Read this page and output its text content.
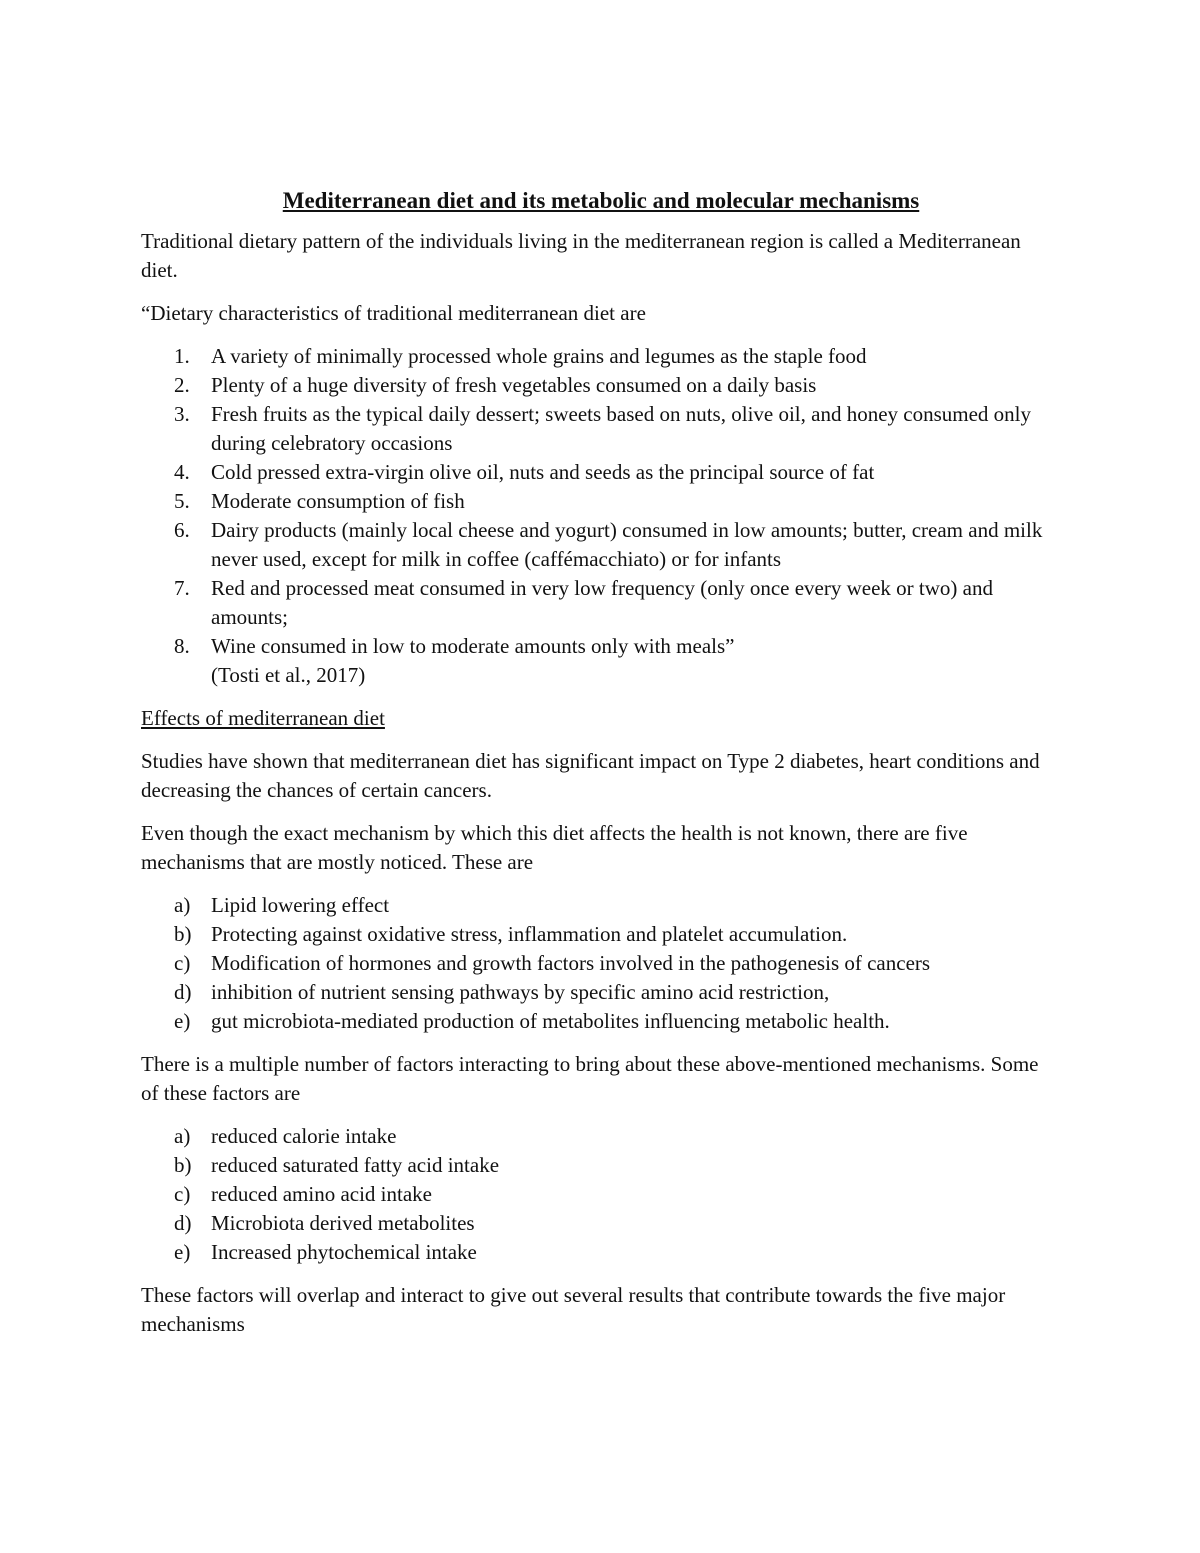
Mediterranean diet and its metabolic and molecular mechanisms

Traditional dietary pattern of the individuals living in the mediterranean region is called a Mediterranean diet.

“Dietary characteristics of traditional mediterranean diet are

1. A variety of minimally processed whole grains and legumes as the staple food
2. Plenty of a huge diversity of fresh vegetables consumed on a daily basis
3. Fresh fruits as the typical daily dessert; sweets based on nuts, olive oil, and honey consumed only during celebratory occasions
4. Cold pressed extra-virgin olive oil, nuts and seeds as the principal source of fat
5. Moderate consumption of fish
6. Dairy products (mainly local cheese and yogurt) consumed in low amounts; butter, cream and milk never used, except for milk in coffee (caffémacchiato) or for infants
7. Red and processed meat consumed in very low frequency (only once every week or two) and amounts;
8. Wine consumed in low to moderate amounts only with meals”
(Tosti et al., 2017)
Effects of mediterranean diet

Studies have shown that mediterranean diet has significant impact on Type 2 diabetes, heart conditions and decreasing the chances of certain cancers.

Even though the exact mechanism by which this diet affects the health is not known, there are five mechanisms that are mostly noticed. These are

a) Lipid lowering effect
b) Protecting against oxidative stress, inflammation and platelet accumulation.
c) Modification of hormones and growth factors involved in the pathogenesis of cancers
d) inhibition of nutrient sensing pathways by specific amino acid restriction,
e) gut microbiota-mediated production of metabolites influencing metabolic health.

There is a multiple number of factors interacting to bring about these above-mentioned mechanisms. Some of these factors are

a) reduced calorie intake
b) reduced saturated fatty acid intake
c) reduced amino acid intake
d) Microbiota derived metabolites
e) Increased phytochemical intake

These factors will overlap and interact to give out several results that contribute towards the five major mechanisms
